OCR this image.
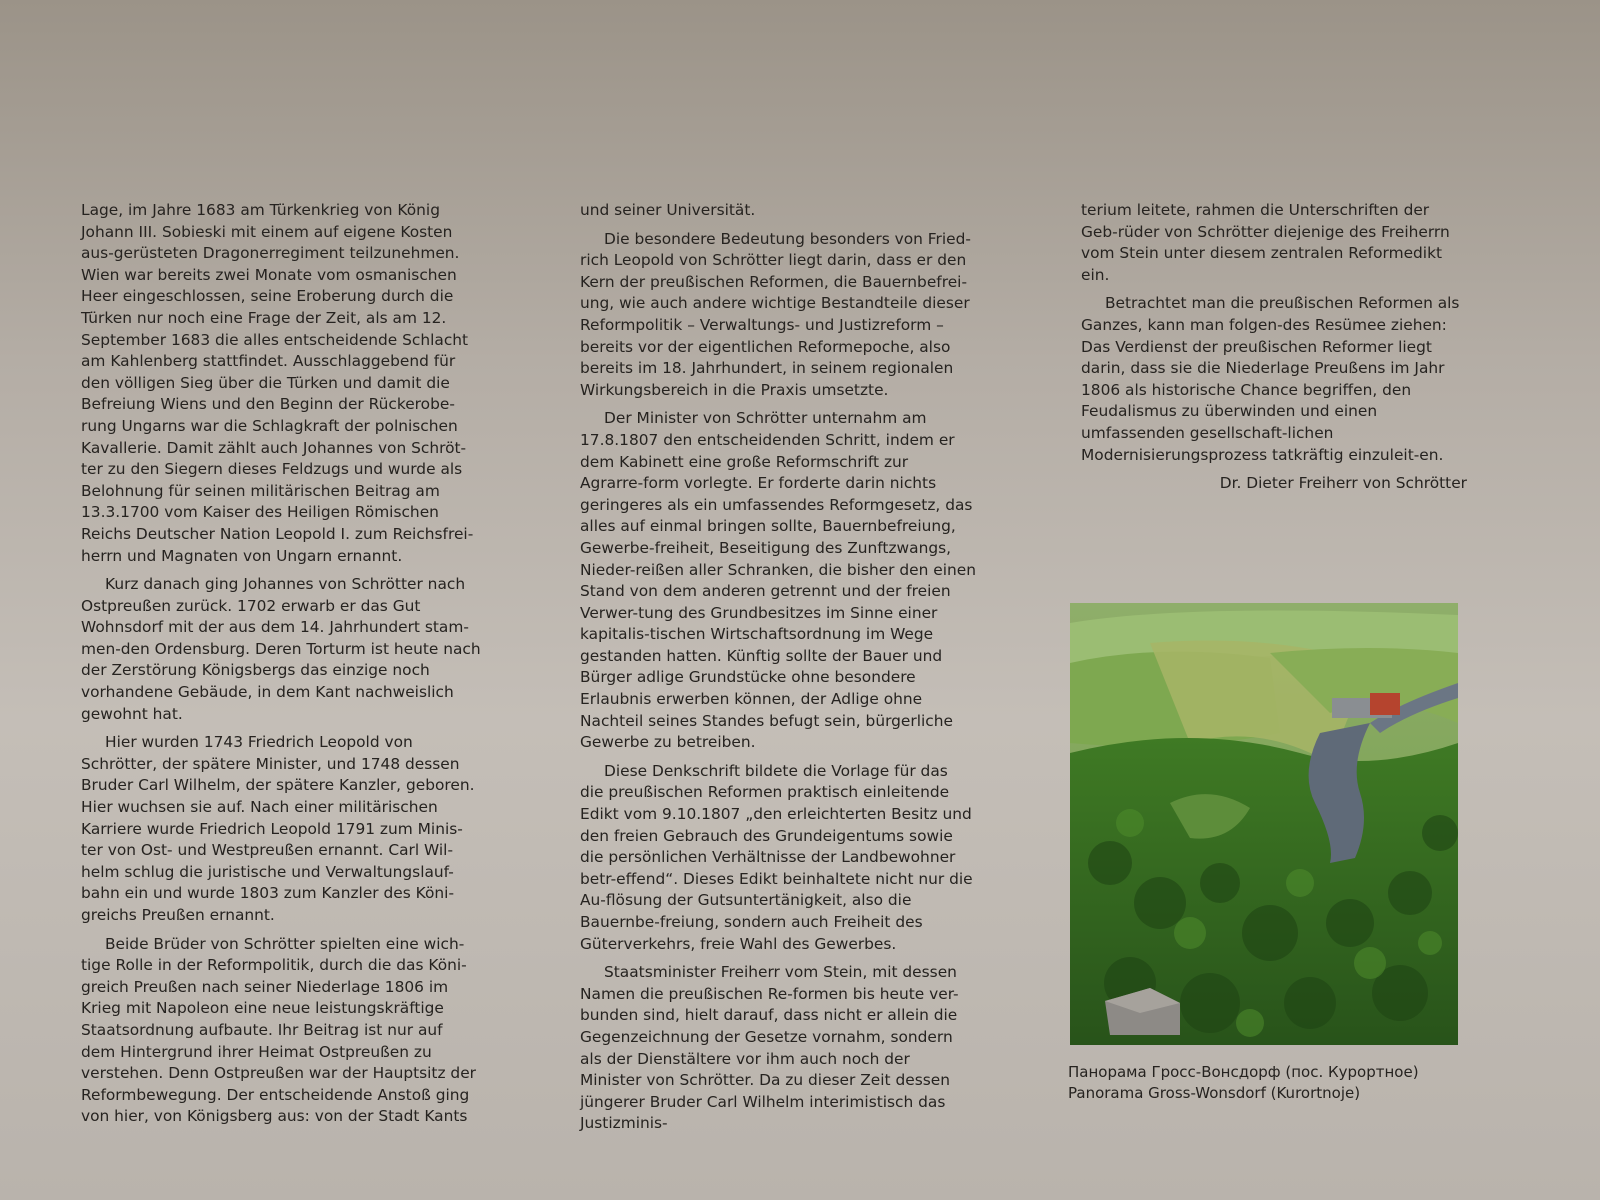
Lage, im Jahre 1683 am Türkenkrieg von König Johann III. Sobieski mit einem auf eigene Kosten aus-gerüsteten Dragonerregiment teilzunehmen. Wien war bereits zwei Monate vom osmanischen Heer eingeschlossen, seine Eroberung durch die Türken nur noch eine Frage der Zeit, als am 12. September 1683 die alles entscheidende Schlacht am Kahlenberg stattfindet. Ausschlaggebend für den völligen Sieg über die Türken und damit die Befreiung Wiens und den Beginn der Rückerobe-rung Ungarns war die Schlagkraft der polnischen Kavallerie. Damit zählt auch Johannes von Schröt-ter zu den Siegern dieses Feldzugs und wurde als Belohnung für seinen militärischen Beitrag am 13.3.1700 vom Kaiser des Heiligen Römischen Reichs Deutscher Nation Leopold I. zum Reichsfrei-herrn und Magnaten von Ungarn ernannt.

Kurz danach ging Johannes von Schrötter nach Ostpreußen zurück. 1702 erwarb er das Gut Wohnsdorf mit der aus dem 14. Jahrhundert stam-men-den Ordensburg. Deren Torturm ist heute nach der Zerstörung Königsbergs das einzige noch vorhandene Gebäude, in dem Kant nachweislich gewohnt hat.

Hier wurden 1743 Friedrich Leopold von Schrötter, der spätere Minister, und 1748 dessen Bruder Carl Wilhelm, der spätere Kanzler, geboren. Hier wuchsen sie auf. Nach einer militärischen Karriere wurde Friedrich Leopold 1791 zum Minis-ter von Ost- und Westpreußen ernannt. Carl Wil-helm schlug die juristische und Verwaltungslauf-bahn ein und wurde 1803 zum Kanzler des Köni-greichs Preußen ernannt.

Beide Brüder von Schrötter spielten eine wich-tige Rolle in der Reformpolitik, durch die das Köni-greich Preußen nach seiner Niederlage 1806 im Krieg mit Napoleon eine neue leistungskräftige Staatsordnung aufbaute. Ihr Beitrag ist nur auf dem Hintergrund ihrer Heimat Ostpreußen zu verstehen. Denn Ostpreußen war der Hauptsitz der Reformbewegung. Der entscheidende Anstoß ging von hier, von Königsberg aus: von der Stadt Kants

und seiner Universität.

Die besondere Bedeutung besonders von Fried-rich Leopold von Schrötter liegt darin, dass er den Kern der preußischen Reformen, die Bauernbefrei-ung, wie auch andere wichtige Bestandteile dieser Reformpolitik – Verwaltungs- und Justizreform – bereits vor der eigentlichen Reformepoche, also bereits im 18. Jahrhundert, in seinem regionalen Wirkungsbereich in die Praxis umsetzte.

Der Minister von Schrötter unternahm am 17.8.1807 den entscheidenden Schritt, indem er dem Kabinett eine große Reformschrift zur Agrarre-form vorlegte. Er forderte darin nichts geringeres als ein umfassendes Reformgesetz, das alles auf einmal bringen sollte, Bauernbefreiung, Gewerbe-freiheit, Beseitigung des Zunftzwangs, Nieder-reißen aller Schranken, die bisher den einen Stand von dem anderen getrennt und der freien Verwer-tung des Grundbesitzes im Sinne einer kapitalis-tischen Wirtschaftsordnung im Wege gestanden hatten. Künftig sollte der Bauer und Bürger adlige Grundstücke ohne besondere Erlaubnis erwerben können, der Adlige ohne Nachteil seines Standes befugt sein, bürgerliche Gewerbe zu betreiben.

Diese Denkschrift bildete die Vorlage für das die preußischen Reformen praktisch einleitende Edikt vom 9.10.1807 „den erleichterten Besitz und den freien Gebrauch des Grundeigentums sowie die persönlichen Verhältnisse der Landbewohner betr-effend“. Dieses Edikt beinhaltete nicht nur die Au-flösung der Gutsuntertänigkeit, also die Bauernbe-freiung, sondern auch Freiheit des Güterverkehrs, freie Wahl des Gewerbes.

Staatsminister Freiherr vom Stein, mit dessen Namen die preußischen Re-formen bis heute ver-bunden sind, hielt darauf, dass nicht er allein die Gegenzeichnung der Gesetze vornahm, sondern als der Dienstältere vor ihm auch noch der Minister von Schrötter. Da zu dieser Zeit dessen jüngerer Bruder Carl Wilhelm interimistisch das Justizminis-

terium leitete, rahmen die Unterschriften der Geb-rüder von Schrötter diejenige des Freiherrn vom Stein unter diesem zentralen Reformedikt ein.

Betrachtet man die preußischen Reformen als Ganzes, kann man folgen-des Resümee ziehen: Das Verdienst der preußischen Reformer liegt darin, dass sie die Niederlage Preußens im Jahr 1806 als historische Chance begriffen, den Feudalismus zu überwinden und einen umfassenden gesellschaft-lichen Modernisierungsprozess tatkräftig einzuleit-en.

Dr. Dieter Freiherr von Schrötter
Панорама Гросс-Вонсдорф (пос. Курортное)
Panorama Gross-Wonsdorf (Kurortnoje)
